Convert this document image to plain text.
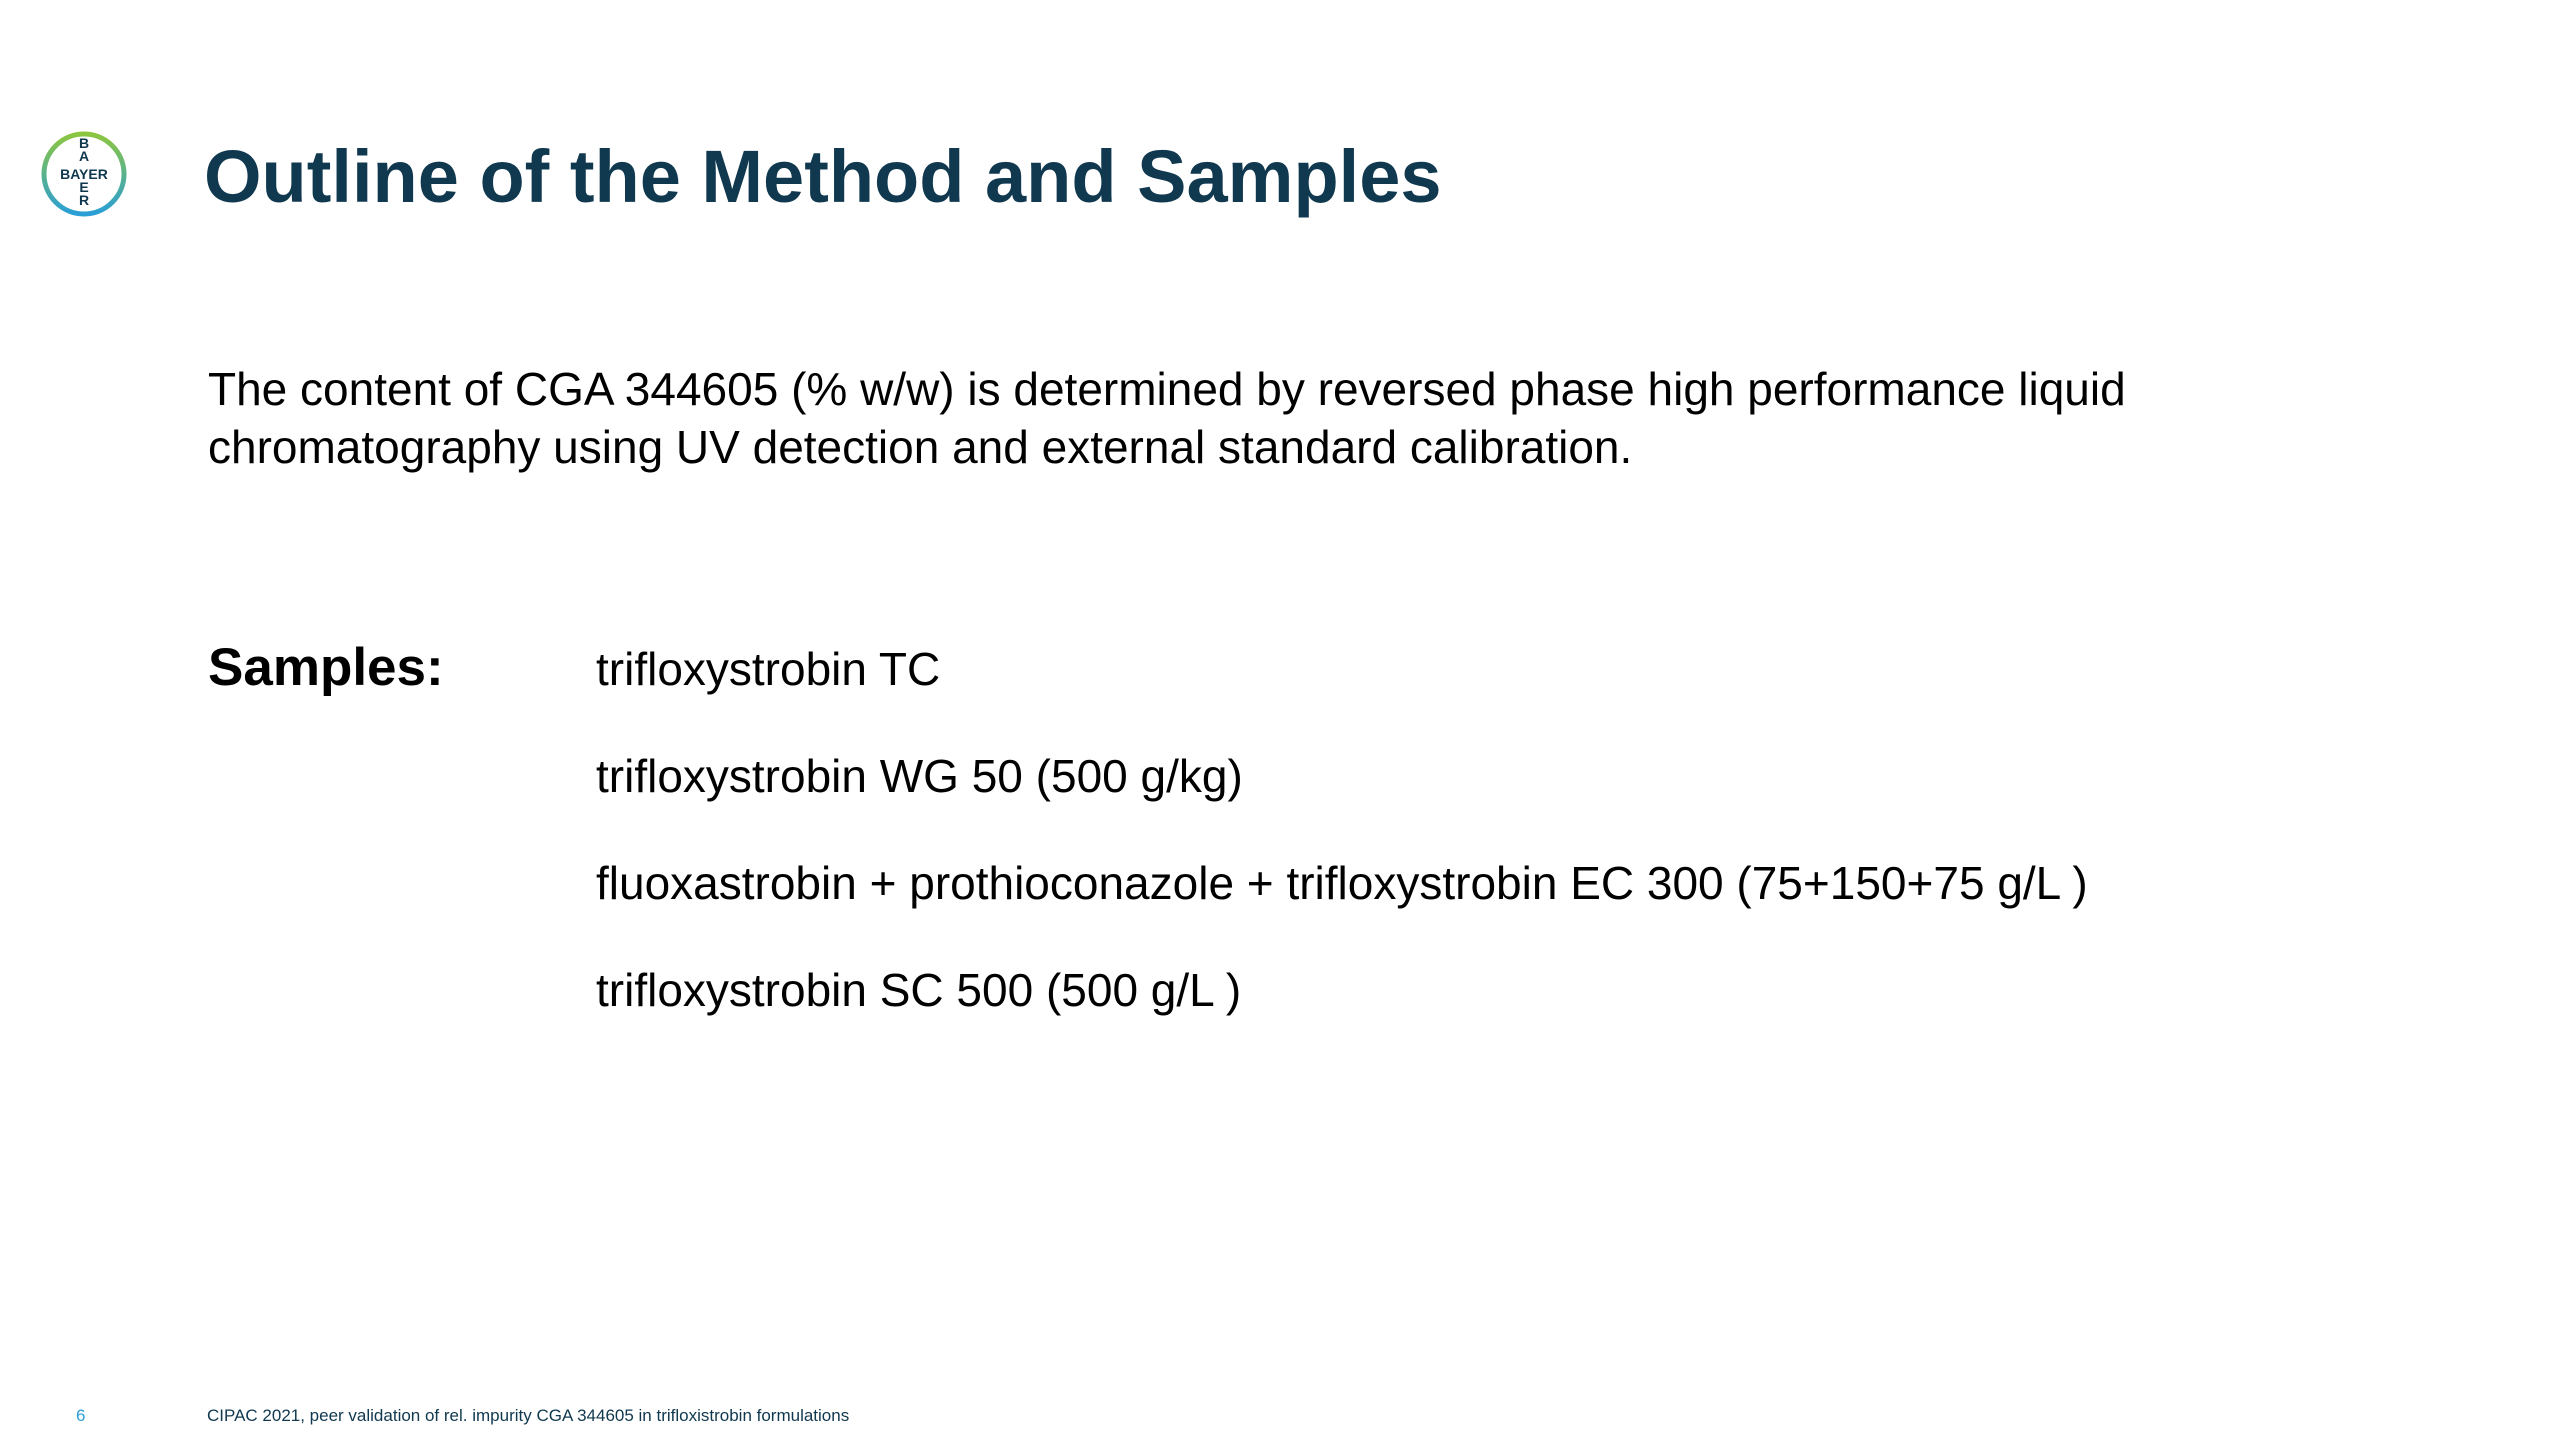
B
A
BAYER
E
R Outline of the Method and Samples

The content of CGA 344605 (% w/w) is determined by reversed phase high performance liquid chromatography using UV detection and external standard calibration.

Samples:	trifloxystrobin TC
trifloxystrobin WG 50 (500 g/kg)
fluoxastrobin + prothioconazole + trifloxystrobin EC 300 (75+150+75 g/L )
trifloxystrobin SC 500 (500 g/L )
6	CIPAC 2021, peer validation of rel. impurity CGA 344605 in trifloxistrobin formulations
